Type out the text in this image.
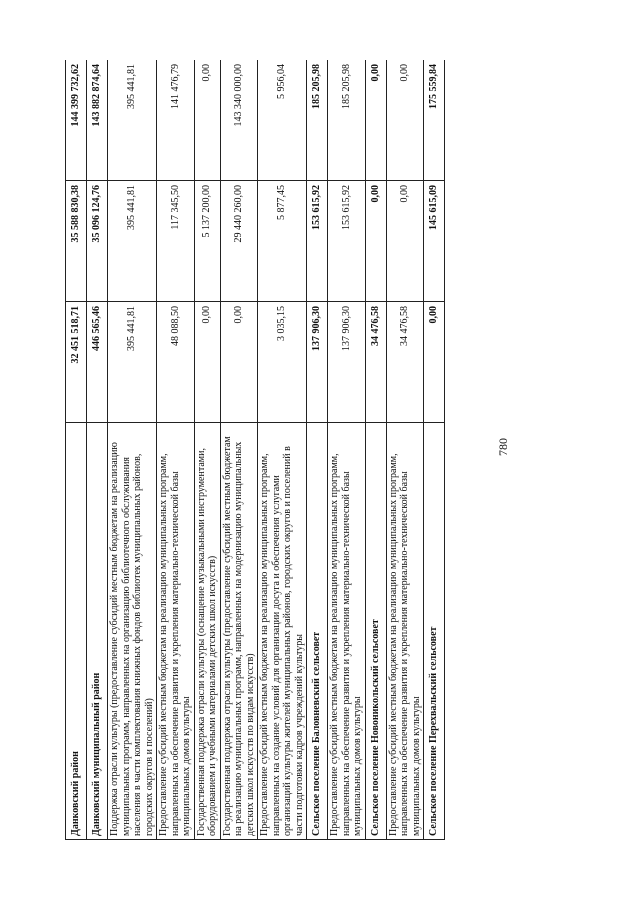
780
Данковский район	32 451 518,71	35 588 830,38	144 399 732,62
Данковский муниципальный район	446 565,46	35 096 124,76	143 882 874,64
Поддержка отрасли культуры (предоставление субсидий местным бюджетам на реализацию муниципальных программ, направленных на организацию библиотечного обслуживания населения в части комплектования книжных фондов библиотек муниципальных районов, городских округов и поселений)	395 441,81	395 441,81	395 441,81
Предоставление субсидий местным бюджетам на реализацию муниципальных программ, направленных на обеспечение развития и укрепления материально-технической базы муниципальных домов культуры	48 088,50	117 345,50	141 476,79
Государственная поддержка отрасли культуры (оснащение музыкальными инструментами, оборудованием и учебными материалами детских школ искусств)	0,00	5 137 200,00	0,00
Государственная поддержка отрасли культуры (предоставление субсидий местным бюджетам на реализацию муниципальных программ, направленных на модернизацию муниципальных детских школ искусств по видам искусств)	0,00	29 440 260,00	143 340 000,00
Предоставление субсидий местным бюджетам на реализацию муниципальных программ, направленных на создание условий для организации досуга и обеспечения услугами организаций культуры жителей муниципальных районов, городских округов и поселений в части подготовки кадров учреждений культуры	3 035,15	5 877,45	5 956,04
Сельское поселение Баловневский сельсовет	137 906,30	153 615,92	185 205,98
Предоставление субсидий местным бюджетам на реализацию муниципальных программ, направленных на обеспечение развития и укрепления материально-технической базы муниципальных домов культуры	137 906,30	153 615,92	185 205,98
Сельское поселение Новоникольский сельсовет	34 476,58	0,00	0,00
Предоставление субсидий местным бюджетам на реализацию муниципальных программ, направленных на обеспечение развития и укрепления материально-технической базы муниципальных домов культуры	34 476,58	0,00	0,00
Сельское поселение Перехвальский сельсовет	0,00	145 615,09	175 559,84
